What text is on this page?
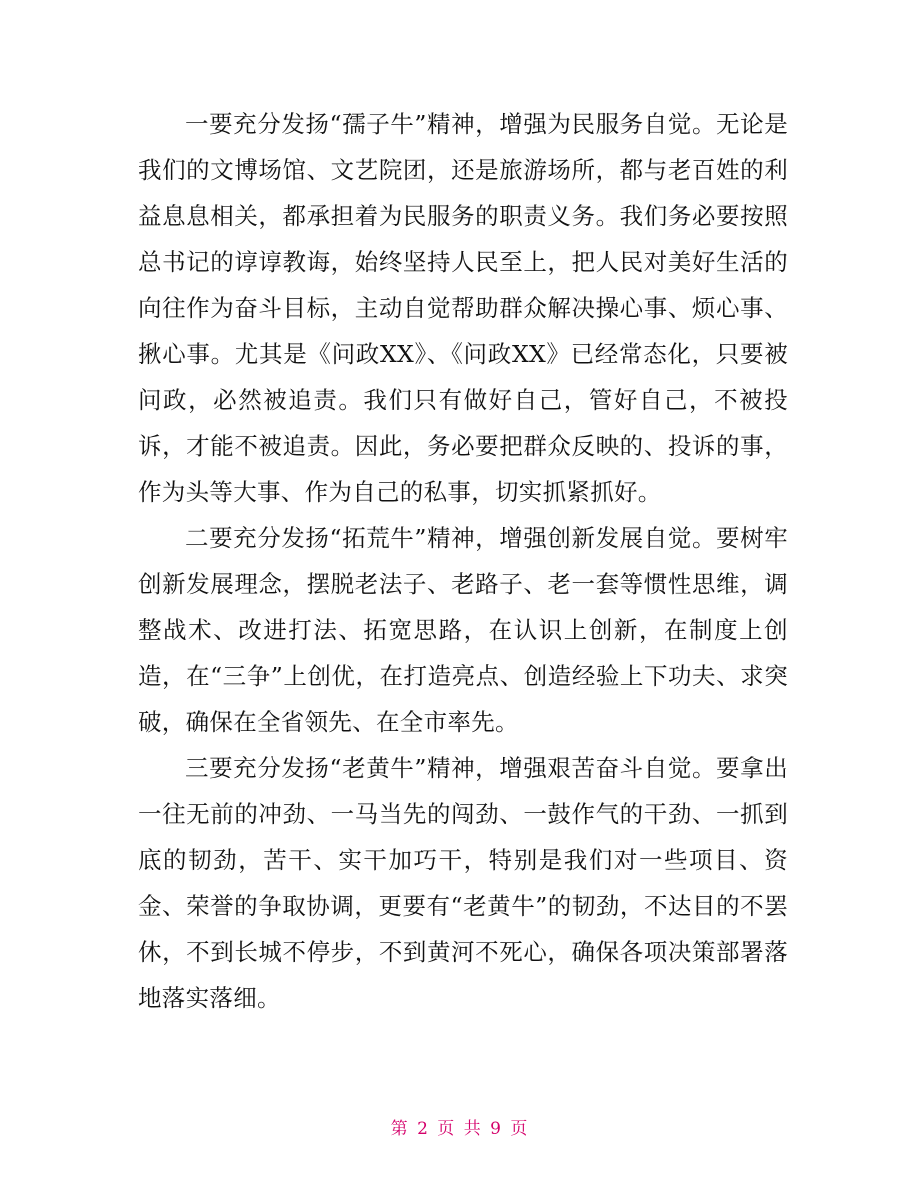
一要充分发扬“孺子牛”精神，增强为民服务自觉。无论是我们的文博场馆、文艺院团，还是旅游场所，都与老百姓的利益息息相关，都承担着为民服务的职责义务。我们务必要按照总书记的谆谆教诲，始终坚持人民至上，把人民对美好生活的向往作为奋斗目标，主动自觉帮助群众解决操心事、烦心事、揪心事。尤其是《问政XX》、《问政XX》已经常态化，只要被问政，必然被追责。我们只有做好自己，管好自己，不被投诉，才能不被追责。因此，务必要把群众反映的、投诉的事，作为头等大事、作为自己的私事，切实抓紧抓好。

二要充分发扬“拓荒牛”精神，增强创新发展自觉。要树牢创新发展理念，摆脱老法子、老路子、老一套等惯性思维，调整战术、改进打法、拓宽思路，在认识上创新，在制度上创造，在“三争”上创优，在打造亮点、创造经验上下功夫、求突破，确保在全省领先、在全市率先。

三要充分发扬“老黄牛”精神，增强艰苦奋斗自觉。要拿出一往无前的冲劲、一马当先的闯劲、一鼓作气的干劲、一抓到底的韧劲，苦干、实干加巧干，特别是我们对一些项目、资金、荣誉的争取协调，更要有“老黄牛”的韧劲，不达目的不罢休，不到长城不停步，不到黄河不死心，确保各项决策部署落地落实落细。

第 2 页 共 9 页
